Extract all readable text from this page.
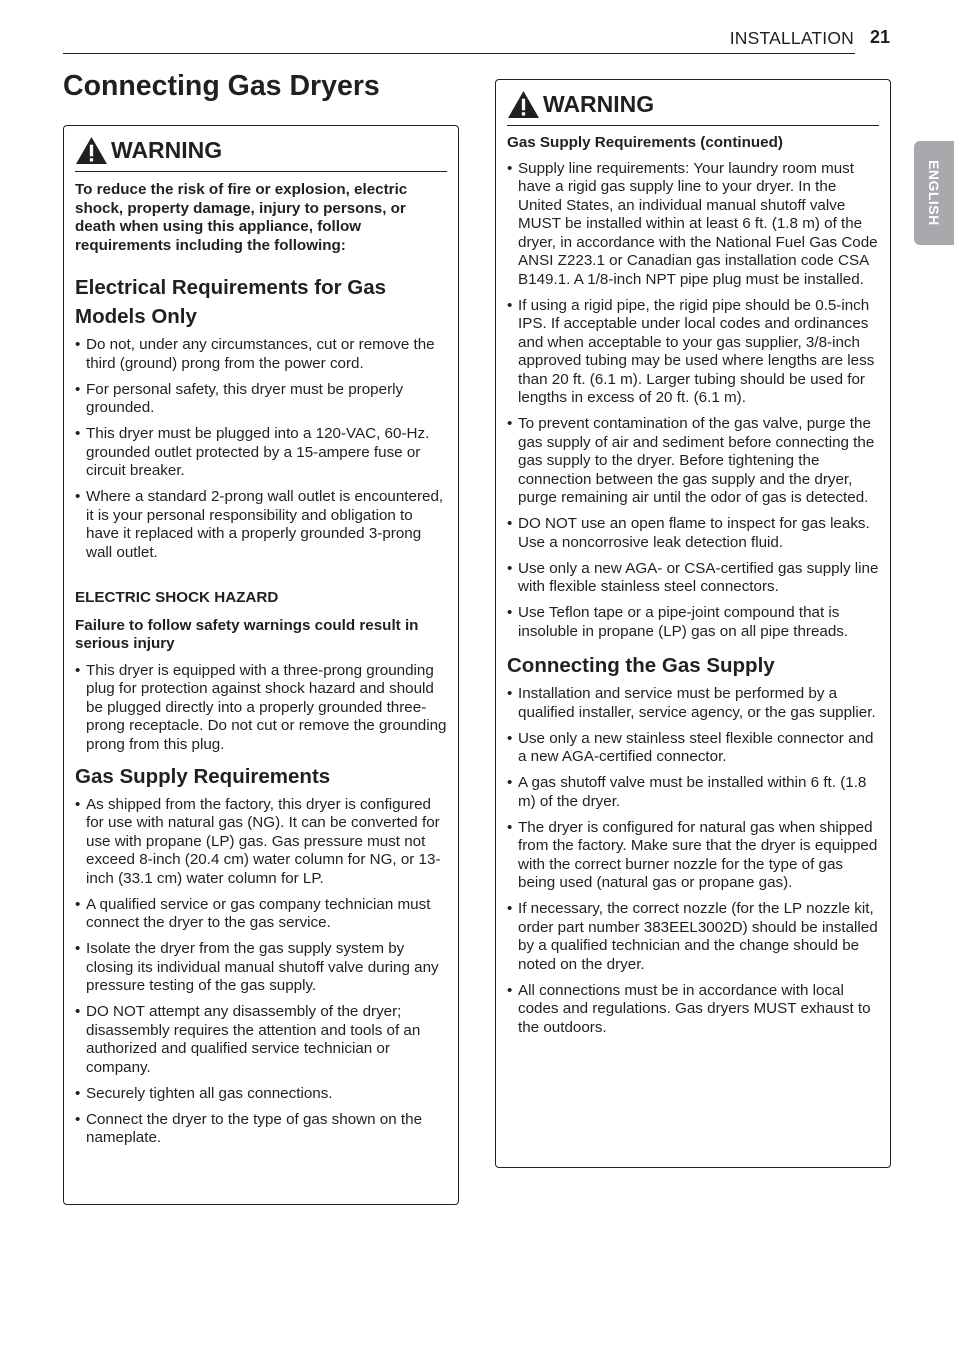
INSTALLATION 21
ENGLISH
Connecting Gas Dryers
WARNING

To reduce the risk of fire or explosion, electric shock, property damage, injury to persons, or death when using this appliance, follow requirements including the following:

Electrical Requirements for Gas Models Only
• Do not, under any circumstances, cut or remove the third (ground) prong from the power cord.
• For personal safety, this dryer must be properly grounded.
• This dryer must be plugged into a 120-VAC, 60-Hz. grounded outlet protected by a 15-ampere fuse or circuit breaker.
• Where a standard 2-prong wall outlet is encountered, it is your personal responsibility and obligation to have it replaced with a properly grounded 3-prong wall outlet.

ELECTRIC SHOCK HAZARD

Failure to follow safety warnings could result in serious injury

• This dryer is equipped with a three-prong grounding plug for protection against shock hazard and should be plugged directly into a properly grounded three-prong receptacle. Do not cut or remove the grounding prong from this plug.
Gas Supply Requirements
• As shipped from the factory, this dryer is configured for use with natural gas (NG). It can be converted for use with propane (LP) gas. Gas pressure must not exceed 8-inch (20.4 cm) water column for NG, or 13-inch (33.1 cm) water column for LP.
• A qualified service or gas company technician must connect the dryer to the gas service.
• Isolate the dryer from the gas supply system by closing its individual manual shutoff valve during any pressure testing of the gas supply.
• DO NOT attempt any disassembly of the dryer; disassembly requires the attention and tools of an authorized and qualified service technician or company.
• Securely tighten all gas connections.
• Connect the dryer to the type of gas shown on the nameplate.
WARNING

Gas Supply Requirements (continued)

• Supply line requirements: Your laundry room must have a rigid gas supply line to your dryer. In the United States, an individual manual shutoff valve MUST be installed within at least 6 ft. (1.8 m) of the dryer, in accordance with the National Fuel Gas Code ANSI Z223.1 or Canadian gas installation code CSA B149.1. A 1/8-inch NPT pipe plug must be installed.
• If using a rigid pipe, the rigid pipe should be 0.5-inch IPS. If acceptable under local codes and ordinances and when acceptable to your gas supplier, 3/8-inch approved tubing may be used where lengths are less than 20 ft. (6.1 m). Larger tubing should be used for lengths in excess of 20 ft. (6.1 m).
• To prevent contamination of the gas valve, purge the gas supply of air and sediment before connecting the gas supply to the dryer. Before tightening the connection between the gas supply and the dryer, purge remaining air until the odor of gas is detected.
• DO NOT use an open flame to inspect for gas leaks. Use a noncorrosive leak detection fluid.
• Use only a new AGA- or CSA-certified gas supply line with flexible stainless steel connectors.
• Use Teflon tape or a pipe-joint compound that is insoluble in propane (LP) gas on all pipe threads.
Connecting the Gas Supply
• Installation and service must be performed by a qualified installer, service agency, or the gas supplier.
• Use only a new stainless steel flexible connector and a new AGA-certified connector.
• A gas shutoff valve must be installed within 6 ft. (1.8 m) of the dryer.
• The dryer is configured for natural gas when shipped from the factory. Make sure that the dryer is equipped with the correct burner nozzle for the type of gas being used (natural gas or propane gas).
• If necessary, the correct nozzle (for the LP nozzle kit, order part number 383EEL3002D) should be installed by a qualified technician and the change should be noted on the dryer.
• All connections must be in accordance with local codes and regulations. Gas dryers MUST exhaust to the outdoors.
